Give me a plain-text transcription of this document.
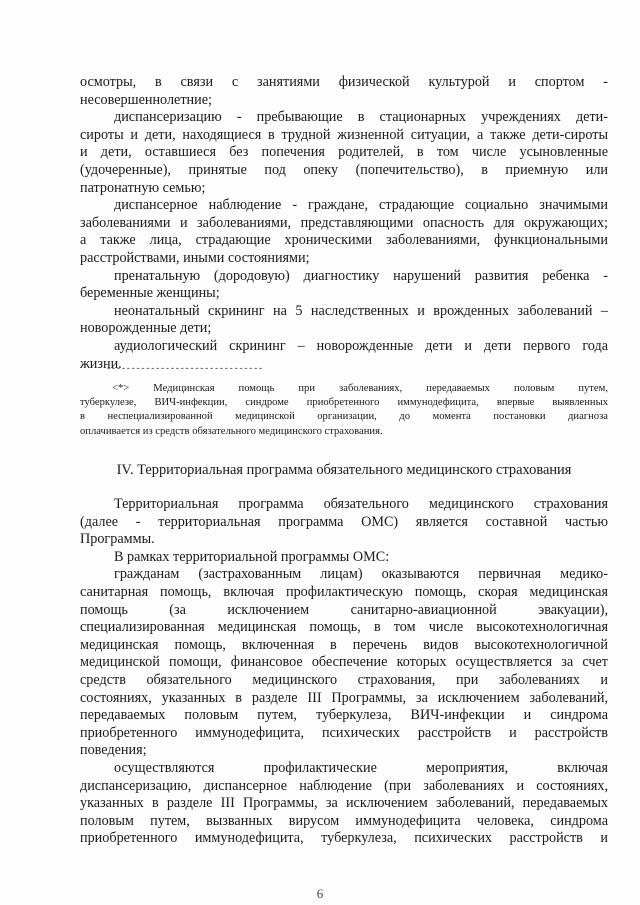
осмотры, в связи с занятиями физической культурой и спортом -
несовершеннолетние;

диспансеризацию - пребывающие в стационарных учреждениях дети-
сироты и дети, находящиеся в трудной жизненной ситуации, а также дети-сироты
и дети, оставшиеся без попечения родителей, в том числе усыновленные
(удочеренные), принятые под опеку (попечительство), в приемную или
патронатную семью;

диспансерное наблюдение - граждане, страдающие социально значимыми
заболеваниями и заболеваниями, представляющими опасность для окружающих;
а также лица, страдающие хроническими заболеваниями, функциональными
расстройствами, иными состояниями;

пренатальную (дородовую) диагностику нарушений развития ребенка -
беременные женщины;

неонатальный скрининг на 5 наследственных и врожденных заболеваний –
новорожденные дети;

аудиологический скрининг – новорожденные дети и дети первого года
жизни.

--------------------------------

<*> Медицинская помощь при заболеваниях, передаваемых половым путем,
туберкулезе, ВИЧ-инфекции, синдроме приобретенного иммунодефицита, впервые выявленных
в неспециализированной медицинской организации, до момента постановки диагноза
оплачивается из средств обязательного медицинского страхования.

IV. Территориальная программа обязательного медицинского страхования

Территориальная программа обязательного медицинского страхования
(далее - территориальная программа ОМС) является составной частью
Программы.

В рамках территориальной программы ОМС:

гражданам (застрахованным лицам) оказываются первичная медико-
санитарная помощь, включая профилактическую помощь, скорая медицинская
помощь (за исключением санитарно-авиационной эвакуации),
специализированная медицинская помощь, в том числе высокотехнологичная
медицинская помощь, включенная в перечень видов высокотехнологичной
медицинской помощи, финансовое обеспечение которых осуществляется за счет
средств обязательного медицинского страхования, при заболеваниях и
состояниях, указанных в разделе III Программы, за исключением заболеваний,
передаваемых половым путем, туберкулеза, ВИЧ-инфекции и синдрома
приобретенного иммунодефицита, психических расстройств и расстройств
поведения;

осуществляются профилактические мероприятия, включая
диспансеризацию, диспансерное наблюдение (при заболеваниях и состояниях,
указанных в разделе III Программы, за исключением заболеваний, передаваемых
половым путем, вызванных вирусом иммунодефицита человека, синдрома
приобретенного иммунодефицита, туберкулеза, психических расстройств и

6
